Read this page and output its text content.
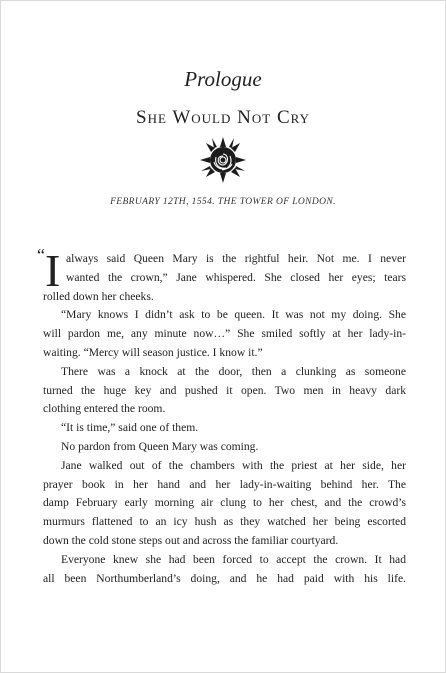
Prologue
She Would Not Cry
FEBRUARY 12TH, 1554. THE TOWER OF LONDON.
“ I always said Queen Mary is the rightful heir. Not me. I never
wanted the crown,” Jane whispered. She closed her eyes; tears
rolled down her cheeks.
“Mary knows I didn’t ask to be queen. It was not my doing. She
will pardon me, any minute now…” She smiled softly at her lady-in-
waiting. “Mercy will season justice. I know it.”
There was a knock at the door, then a clunking as someone
turned the huge key and pushed it open. Two men in heavy dark
clothing entered the room.
“It is time,” said one of them.
No pardon from Queen Mary was coming.
Jane walked out of the chambers with the priest at her side, her
prayer book in her hand and her lady-in-waiting behind her. The
damp February early morning air clung to her chest, and the crowd’s
murmurs flattened to an icy hush as they watched her being escorted
down the cold stone steps out and across the familiar courtyard.
Everyone knew she had been forced to accept the crown. It had
all been Northumberland’s doing, and he had paid with his life.
